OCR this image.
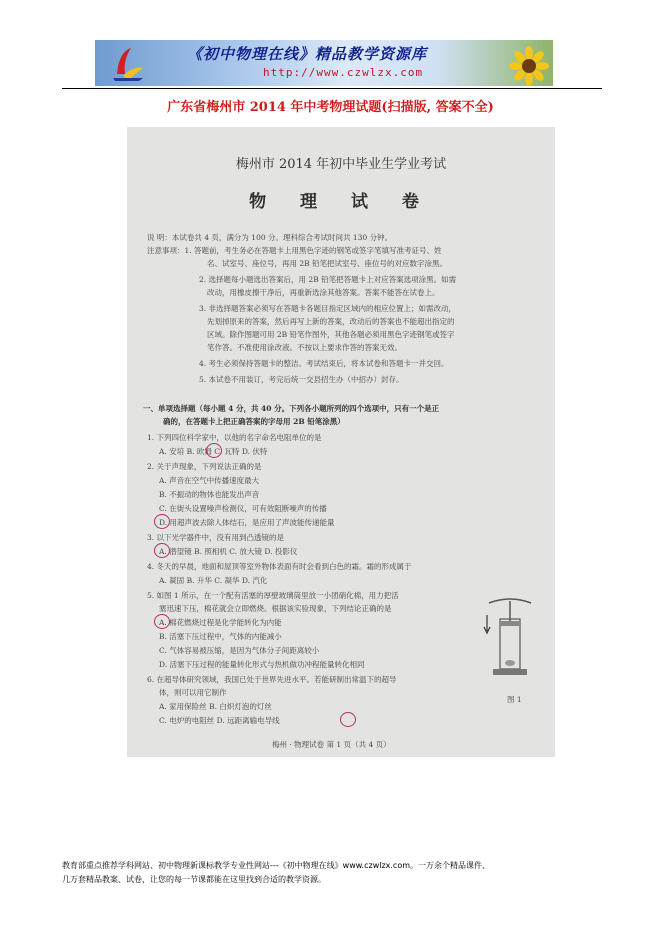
《初中物理在线》精品教学资源库
http://www.czwlzx.com
广东省梅州市 2014 年中考物理试题(扫描版, 答案不全)
梅州市 2014 年初中毕业生学业考试
物 理 试 卷
说 明：本试卷共 4 页，满分为 100 分。理科综合考试时间共 130 分钟。
注意事项：1. 答题前，考生务必在答题卡上用黑色字迹的钢笔或签字笔填写准考证号、姓
名、试室号、座位号，再用 2B 铅笔把试室号、座位号的对应数字涂黑。
2. 选择题每小题选出答案后，用 2B 铅笔把答题卡上对应答案选项涂黑。如需
改动，用橡皮擦干净后，再重新选涂其他答案。答案不能答在试卷上。
3. 非选择题答案必须写在答题卡各题目指定区域内的相应位置上；如需改动，
先划掉原来的答案，然后再写上新的答案，改动后的答案也不能超出指定的
区域。除作图题可用 2B 铅笔作图外，其他各题必须用黑色字迹钢笔或签字
笔作答。不准使用涂改液。不按以上要求作答的答案无效。
4. 考生必须保持答题卡的整洁。考试结束后，将本试卷和答题卡一并交回。
5. 本试卷不用装订，考完后统一交县招生办（中招办）封存。
一、单项选择题（每小题 4 分，共 40 分。下列各小题所列的四个选项中，只有一个是正
确的，在答题卡上把正确答案的字母用 2B 铅笔涂黑）
1. 下列四位科学家中，以他的名字命名电阻单位的是
A. 安培 B. 欧姆 C. 瓦特 D. 伏特
2. 关于声现象，下列说法正确的是
A. 声音在空气中传播速度最大
B. 不振动的物体也能发出声音
C. 在街头设置噪声检测仪，可有效阻断噪声的传播
D. 用超声波去除人体结石，是应用了声波能传递能量
3. 以下光学器件中，没有用到凸透镜的是
A. 潜望镜 B. 照相机 C. 放大镜 D. 投影仪
4. 冬天的早晨，地面和屋顶等室外物体表面有时会看到白色的霜。霜的形成属于
A. 凝固 B. 升华 C. 凝华 D. 汽化
5. 如图 1 所示，在一个配有活塞的厚壁玻璃筒里放一小团硝化棉，用力把活
塞迅速下压，棉花就会立即燃烧。根据该实验现象，下列结论正确的是
A. 棉花燃烧过程是化学能转化为内能
B. 活塞下压过程中，气体的内能减小
C. 气体容易被压缩，是因为气体分子间距离较小
D. 活塞下压过程的能量转化形式与热机做功冲程能量转化相同
6. 在超导体研究领域，我国已处于世界先进水平。若能研制出常温下的超导
体，则可以用它制作
A. 家用保险丝 B. 白炽灯泡的灯丝
C. 电炉的电阻丝 D. 远距离输电导线
图 1
梅州 · 物理试卷 第 1 页（共 4 页）
教育部重点推荐学科网站、初中物理新课标教学专业性网站---《初中物理在线》www.czwlzx.com。一万余个精品课件、
几万套精品教案、试卷，让您的每一节课都能在这里找到合适的教学资源。
